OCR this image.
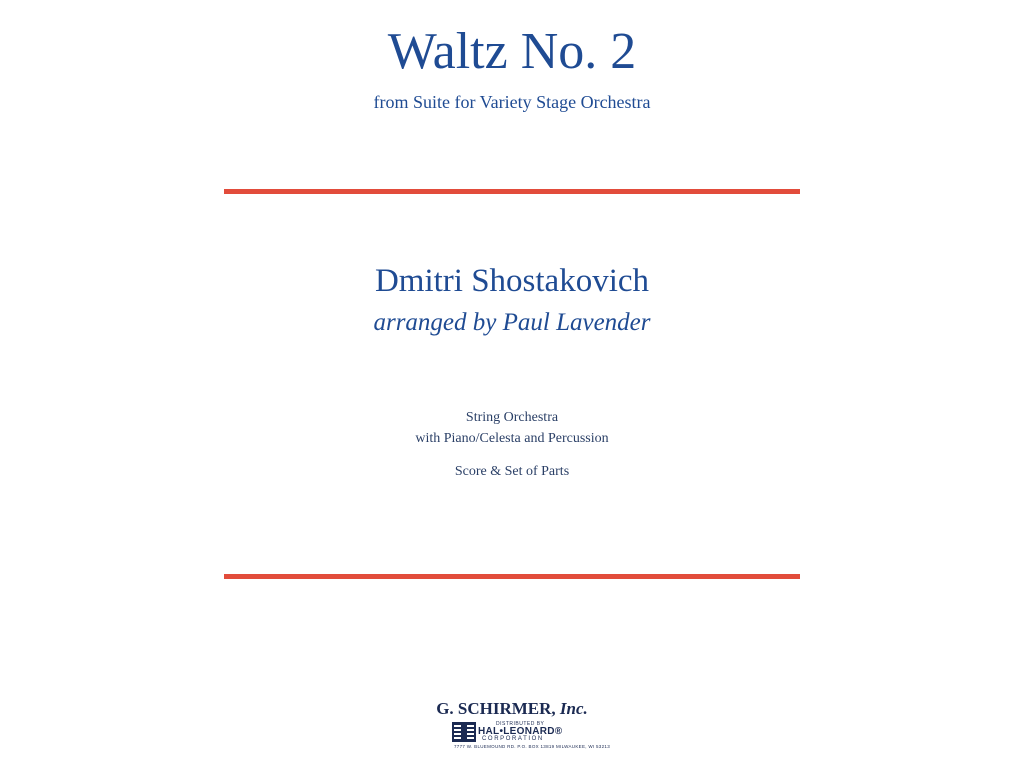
Waltz No. 2
from Suite for Variety Stage Orchestra
Dmitri Shostakovich
arranged by Paul Lavender
String Orchestra
with Piano/Celesta and Percussion
Score & Set of Parts
G. SCHIRMER, Inc.
DISTRIBUTED BY
HAL•LEONARD®
CORPORATION
7777 W. BLUEMOUND RD. P.O. BOX 13819 MILWAUKEE, WI 53213
